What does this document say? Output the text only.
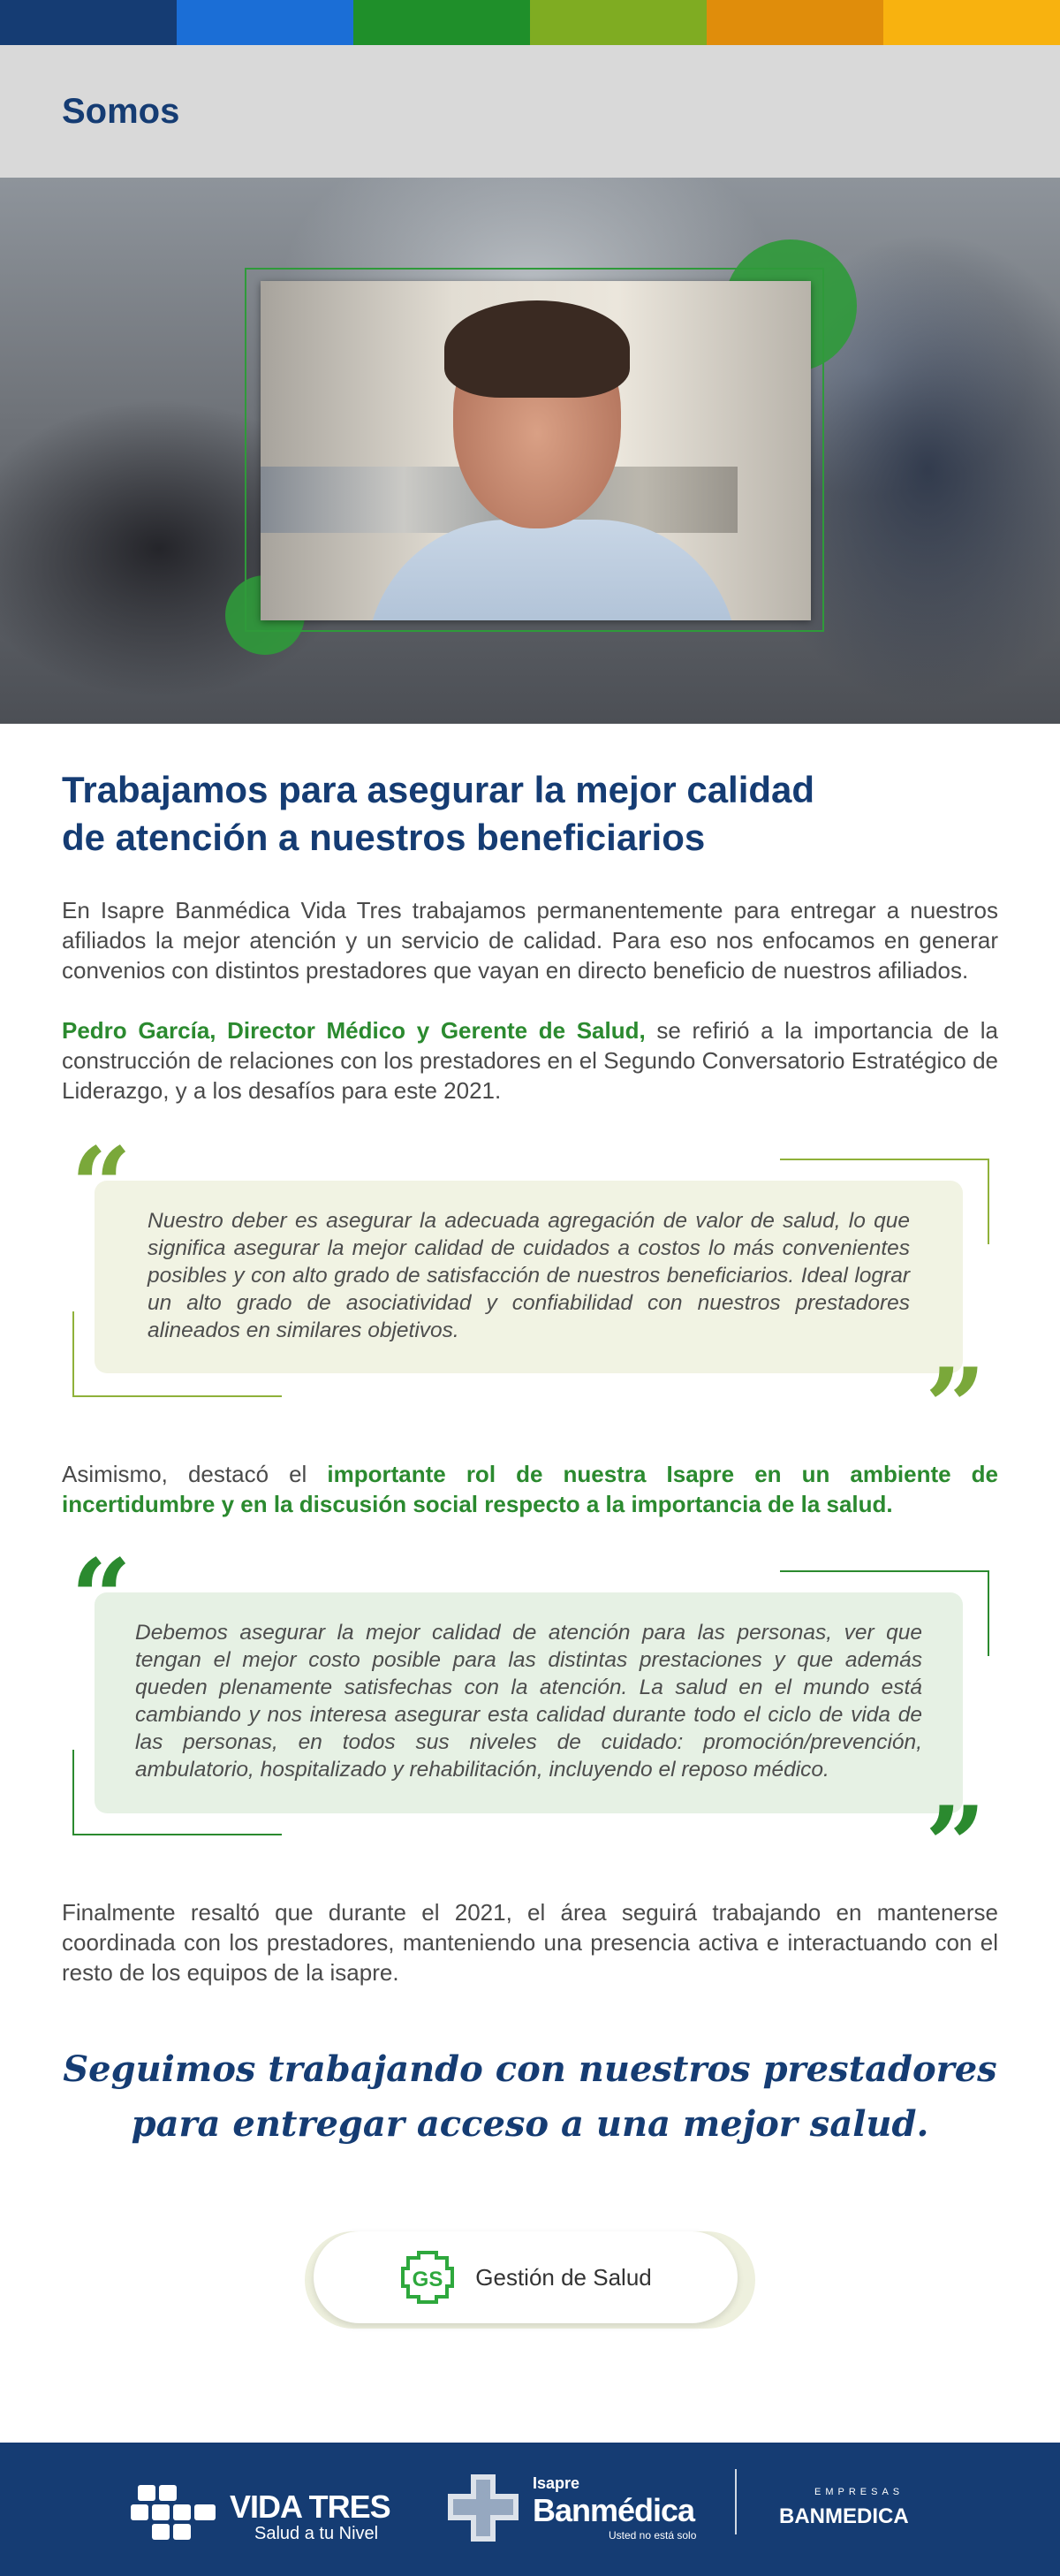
Somos
Trabajamos para asegurar la mejor calidad
de atención a nuestros beneficiarios

En Isapre Banmédica Vida Tres trabajamos permanentemente para entregar a nuestros afiliados la mejor atención y un servicio de calidad. Para eso nos enfocamos en generar convenios con distintos prestadores que vayan en directo beneficio de nuestros afiliados.

Pedro García, Director Médico y Gerente de Salud, se refirió a la importancia de la construcción de relaciones con los prestadores en el Segundo Conversatorio Estratégico de Liderazgo, y a los desafíos para este 2021.

Nuestro deber es asegurar la adecuada agregación de valor de salud, lo que significa asegurar la mejor calidad de cuidados a costos lo más convenientes posibles y con alto grado de satisfacción de nuestros beneficiarios. Ideal lograr un alto grado de asociatividad y confiabilidad con nuestros prestadores alineados en similares objetivos.

“
”

Asimismo, destacó el importante rol de nuestra Isapre en un ambiente de incertidumbre y en la discusión social respecto a la importancia de la salud.

Debemos asegurar la mejor calidad de atención para las personas, ver que tengan el mejor costo posible para las distintas prestaciones y que además queden plenamente satisfechas con la atención. La salud en el mundo está cambiando y nos interesa asegurar esta calidad durante todo el ciclo de vida de las personas, en todos sus niveles de cuidado: promoción/prevención, ambulatorio, hospitalizado y rehabilitación, incluyendo el reposo médico.

“
”

Finalmente resaltó que durante el 2021, el área seguirá trabajando en mantenerse coordinada con los prestadores, manteniendo una presencia activa e interactuando con el resto de los equipos de la isapre.

Seguimos trabajando con nuestros prestadores
para entregar acceso a una mejor salud.
GS Gestión de Salud
VIDA TRES
Salud a tu Nivel
Isapre
Banmédica
Usted no está solo
EMPRESAS
BANMEDICA
